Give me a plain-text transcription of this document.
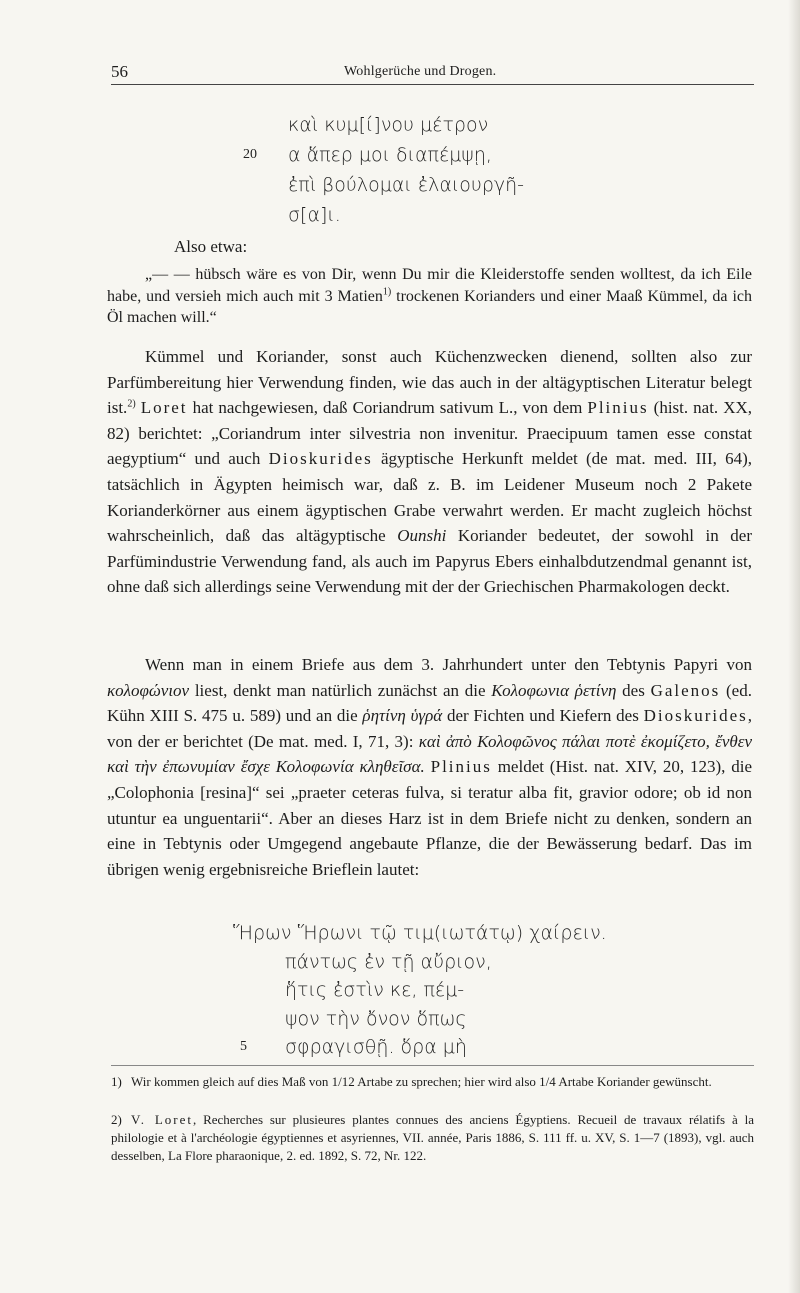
56	Wohlgerüche und Drogen.
καὶ κυμ[ί]νου μέτρον
20 α ἅπερ μοι διαπέμψῃ,
ἐπὶ βούλομαι ἐλαιουργῆ-
σ[α]ι.
Also etwa:

„— — hübsch wäre es von Dir, wenn Du mir die Kleiderstoffe senden wolltest, da ich Eile habe, und versieh mich auch mit 3 Matien$^{1)}$ trockenen Korianders und einer Maaß Kümmel, da ich Öl machen will.“

Kümmel und Koriander, sonst auch Küchenzwecken dienend, sollten also zur Parfümbereitung hier Verwendung finden, wie das auch in der altägyptischen Literatur belegt ist.$^{2)}$ Loret hat nachgewiesen, daß Coriandrum sativum L., von dem Plinius (hist. nat. XX, 82) berichtet: „Coriandrum inter silvestria non invenitur. Praecipuum tamen esse constat aegyptium“ und auch Dioskurides ägyptische Herkunft meldet (de mat. med. III, 64), tatsächlich in Ägypten heimisch war, daß z. B. im Leidener Museum noch 2 Pakete Korianderkörner aus einem ägyptischen Grabe verwahrt werden. Er macht zugleich höchst wahrscheinlich, daß das altägyptische Ounshi Koriander bedeutet, der sowohl in der Parfümindustrie Verwendung fand, als auch im Papyrus Ebers einhalbdutzendmal genannt ist, ohne daß sich allerdings seine Verwendung mit der der Griechischen Pharmakologen deckt.

Wenn man in einem Briefe aus dem 3. Jahrhundert unter den Tebtynis Papyri von κολοφώνιον liest, denkt man natürlich zunächst an die Κολοφωνια ῥετίνη des Galenos (ed. Kühn XIII S. 475 u. 589) und an die ῥητίνη ὑγρά der Fichten und Kiefern des Dioskurides, von der er berichtet (De mat. med. I, 71, 3): καὶ ἀπὸ Κολοφῶνος πάλαι ποτὲ ἐκομίζετο, ἔνθεν καὶ τὴν ἐπωνυμίαν ἔσχε Κολοφωνία κληθεῖσα. Plinius meldet (Hist. nat. XIV, 20, 123), die „Colophonia [resina]“ sei „praeter ceteras fulva, si teratur alba fit, gravior odore; ob id non utuntur ea unguentarii“. Aber an dieses Harz ist in dem Briefe nicht zu denken, sondern an eine in Tebtynis oder Umgegend angebaute Pflanze, die der Bewässerung bedarf. Das im übrigen wenig ergebnisreiche Brieflein lautet:

Ἥρων Ἥρωνι τῷ τιμ(ιωτάτῳ) χαίρειν.
πάντως ἐν τῇ αὔριον,
ἥτις ἐστὶν κε, πέμ-
ψον τὴν ὄνον ὅπως
5 σφραγισθῇ. ὅρα μὴ

1) Wir kommen gleich auf dies Maß von 1/12 Artabe zu sprechen; hier wird also 1/4 Artabe Koriander gewünscht.

2) V. Loret, Recherches sur plusieures plantes connues des anciens Égyptiens. Recueil de travaux rélatifs à la philologie et à l'archéologie égyptiennes et asyriennes, VII. année, Paris 1886, S. 111 ff. u. XV, S. 1—7 (1893), vgl. auch desselben, La Flore pharaonique, 2. ed. 1892, S. 72, Nr. 122.
